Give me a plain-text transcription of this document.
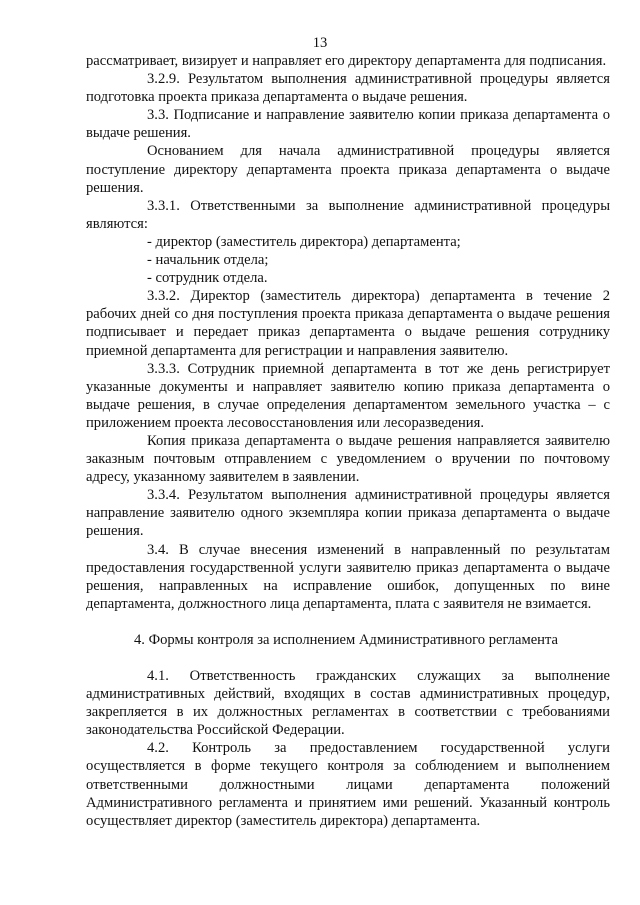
13

рассматривает, визирует и направляет его директору департамента для подписания.

3.2.9. Результатом выполнения административной процедуры является подготовка проекта приказа департамента о выдаче решения.

3.3. Подписание и направление заявителю копии приказа департамента о выдаче решения.

Основанием для начала административной процедуры является поступление директору департамента проекта приказа департамента о выдаче решения.

3.3.1. Ответственными за выполнение административной процедуры являются:

- директор (заместитель директора) департамента;

- начальник отдела;

- сотрудник отдела.

3.3.2. Директор (заместитель директора) департамента в течение 2 рабочих дней со дня поступления проекта приказа департамента о выдаче решения подписывает и передает приказ департамента о выдаче решения сотруднику приемной департамента для регистрации и направления заявителю.

3.3.3. Сотрудник приемной департамента в тот же день регистрирует указанные документы и направляет заявителю копию приказа департамента о выдаче решения, в случае определения департаментом земельного участка – с приложением проекта лесовосстановления или лесоразведения.

Копия приказа департамента о выдаче решения направляется заявителю заказным почтовым отправлением с уведомлением о вручении по почтовому адресу, указанному заявителем в заявлении.

3.3.4. Результатом выполнения административной процедуры является направление заявителю одного экземпляра копии приказа департамента о выдаче решения.

3.4. В случае внесения изменений в направленный по результатам предоставления государственной услуги заявителю приказ департамента о выдаче решения, направленных на исправление ошибок, допущенных по вине департамента, должностного лица департамента, плата с заявителя не взимается.

4. Формы контроля за исполнением Административного регламента

4.1. Ответственность гражданских служащих за выполнение административных действий, входящих в состав административных процедур, закрепляется в их должностных регламентах в соответствии с требованиями законодательства Российской Федерации.

4.2. Контроль за предоставлением государственной услуги осуществляется в форме текущего контроля за соблюдением и выполнением ответственными должностными лицами департамента положений Административного регламента и принятием ими решений. Указанный контроль осуществляет директор (заместитель директора) департамента.
